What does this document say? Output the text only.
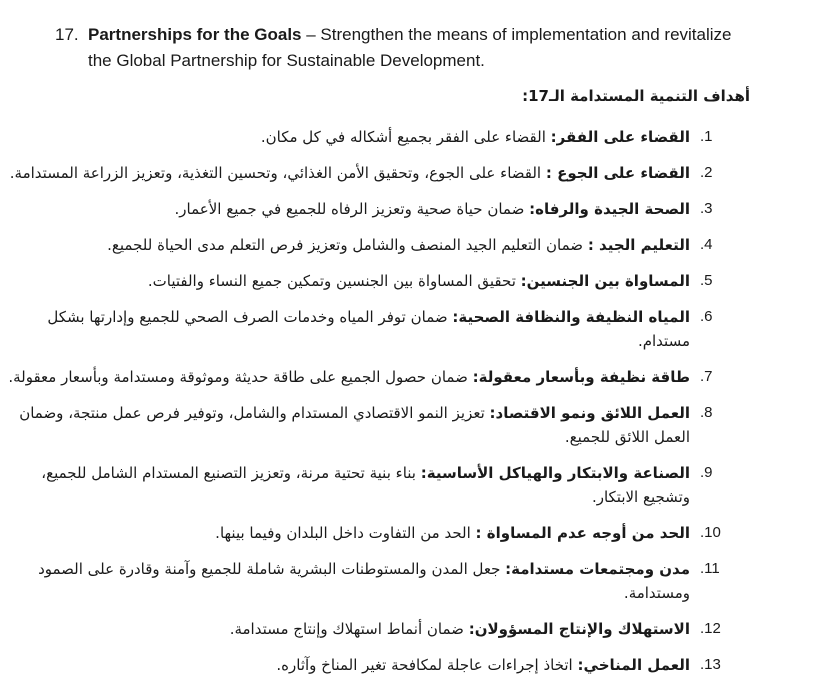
17. Partnerships for the Goals – Strengthen the means of implementation and revitalize the Global Partnership for Sustainable Development.

أهداف التنمية المستدامة الـ17:
1.

القضاء على الفقر: القضاء على الفقر بجميع أشكاله في كل مكان.

2.

القضاء على الجوع : القضاء على الجوع، وتحقيق الأمن الغذائي، وتحسين التغذية، وتعزيز الزراعة المستدامة.

3.

الصحة الجيدة والرفاه: ضمان حياة صحية وتعزيز الرفاه للجميع في جميع الأعمار.

4.

التعليم الجيد : ضمان التعليم الجيد المنصف والشامل وتعزيز فرص التعلم مدى الحياة للجميع.

5.

المساواة بين الجنسين: تحقيق المساواة بين الجنسين وتمكين جميع النساء والفتيات.

6.

المياه النظيفة والنظافة الصحية: ضمان توفر المياه وخدمات الصرف الصحي للجميع وإدارتها بشكل مستدام.

7.

طاقة نظيفة وبأسعار معقولة: ضمان حصول الجميع على طاقة حديثة وموثوقة ومستدامة وبأسعار معقولة.

8.

العمل اللائق ونمو الاقتصاد: تعزيز النمو الاقتصادي المستدام والشامل، وتوفير فرص عمل منتجة، وضمان العمل اللائق للجميع.

9.

الصناعة والابتكار والهياكل الأساسية: بناء بنية تحتية مرنة، وتعزيز التصنيع المستدام الشامل للجميع، وتشجيع الابتكار.

10.

الحد من أوجه عدم المساواة : الحد من التفاوت داخل البلدان وفيما بينها.

11.

مدن ومجتمعات مستدامة: جعل المدن والمستوطنات البشرية شاملة للجميع وآمنة وقادرة على الصمود ومستدامة.

12.

الاستهلاك والإنتاج المسؤولان: ضمان أنماط استهلاك وإنتاج مستدامة.

13.

العمل المناخي: اتخاذ إجراءات عاجلة لمكافحة تغير المناخ وآثاره.
